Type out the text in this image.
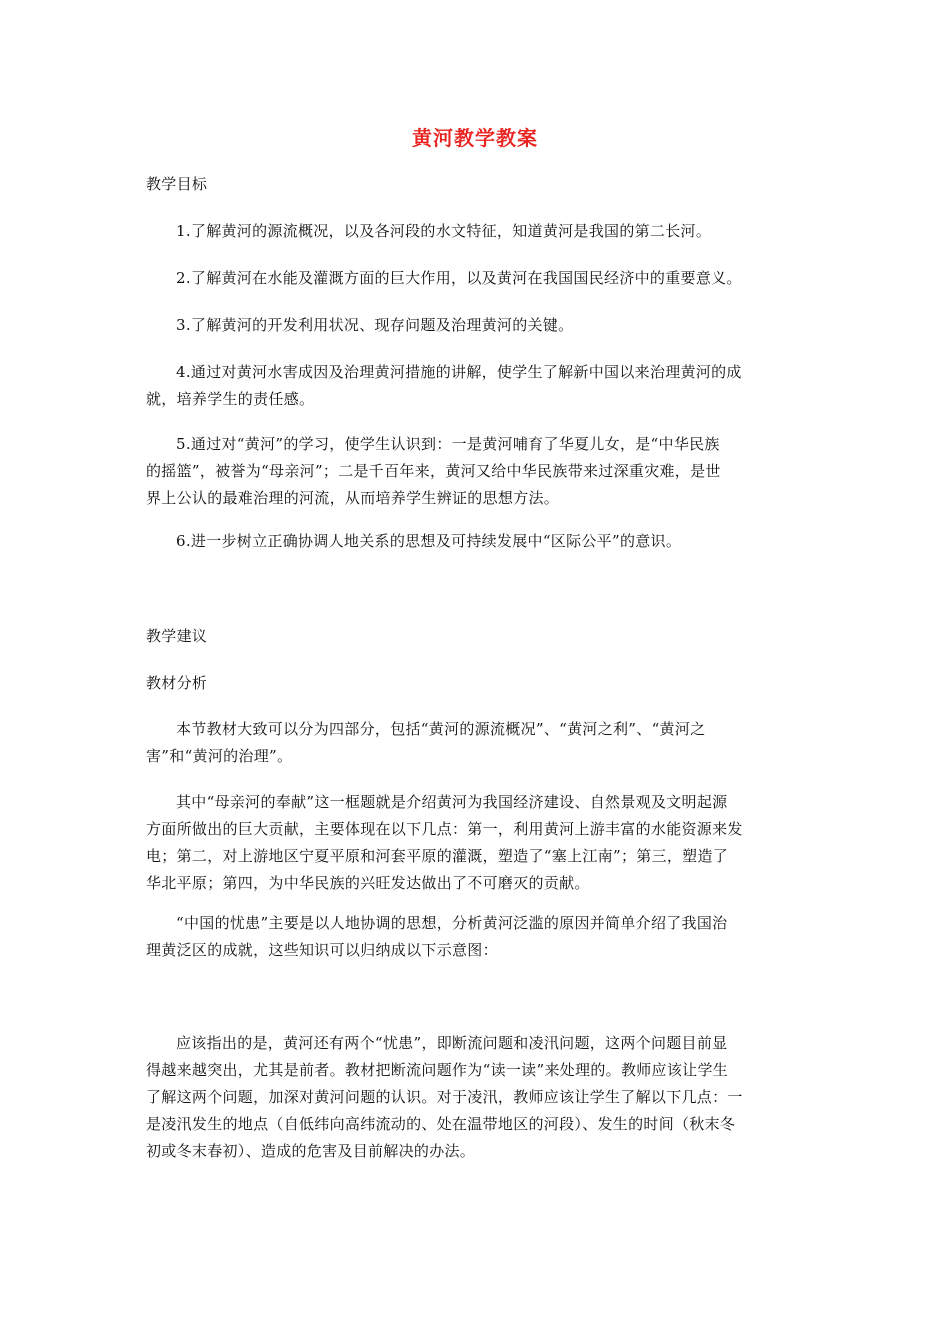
黄河教学教案
教学目标
1.了解黄河的源流概况，以及各河段的水文特征，知道黄河是我国的第二长河。
2.了解黄河在水能及灌溉方面的巨大作用，以及黄河在我国国民经济中的重要意义。
3.了解黄河的开发利用状况、现存问题及治理黄河的关键。
4.通过对黄河水害成因及治理黄河措施的讲解，使学生了解新中国以来治理黄河的成
就，培养学生的责任感。
5.通过对“黄河”的学习，使学生认识到：一是黄河哺育了华夏儿女，是“中华民族
的摇篮”，被誉为“母亲河”；二是千百年来，黄河又给中华民族带来过深重灾难，是世
界上公认的最难治理的河流，从而培养学生辨证的思想方法。
6.进一步树立正确协调人地关系的思想及可持续发展中“区际公平”的意识。
教学建议
教材分析
本节教材大致可以分为四部分，包括“黄河的源流概况”、“黄河之利”、“黄河之
害”和“黄河的治理”。
其中“母亲河的奉献”这一框题就是介绍黄河为我国经济建设、自然景观及文明起源
方面所做出的巨大贡献，主要体现在以下几点：第一，利用黄河上游丰富的水能资源来发
电；第二，对上游地区宁夏平原和河套平原的灌溉，塑造了“塞上江南”；第三，塑造了
华北平原；第四，为中华民族的兴旺发达做出了不可磨灭的贡献。
“中国的忧患”主要是以人地协调的思想，分析黄河泛滥的原因并简单介绍了我国治
理黄泛区的成就，这些知识可以归纳成以下示意图：
应该指出的是，黄河还有两个“忧患”，即断流问题和凌汛问题，这两个问题目前显
得越来越突出，尤其是前者。教材把断流问题作为“读一读”来处理的。教师应该让学生
了解这两个问题，加深对黄河问题的认识。对于凌汛，教师应该让学生了解以下几点：一
是凌汛发生的地点（自低纬向高纬流动的、处在温带地区的河段）、发生的时间（秋末冬
初或冬末春初）、造成的危害及目前解决的办法。
